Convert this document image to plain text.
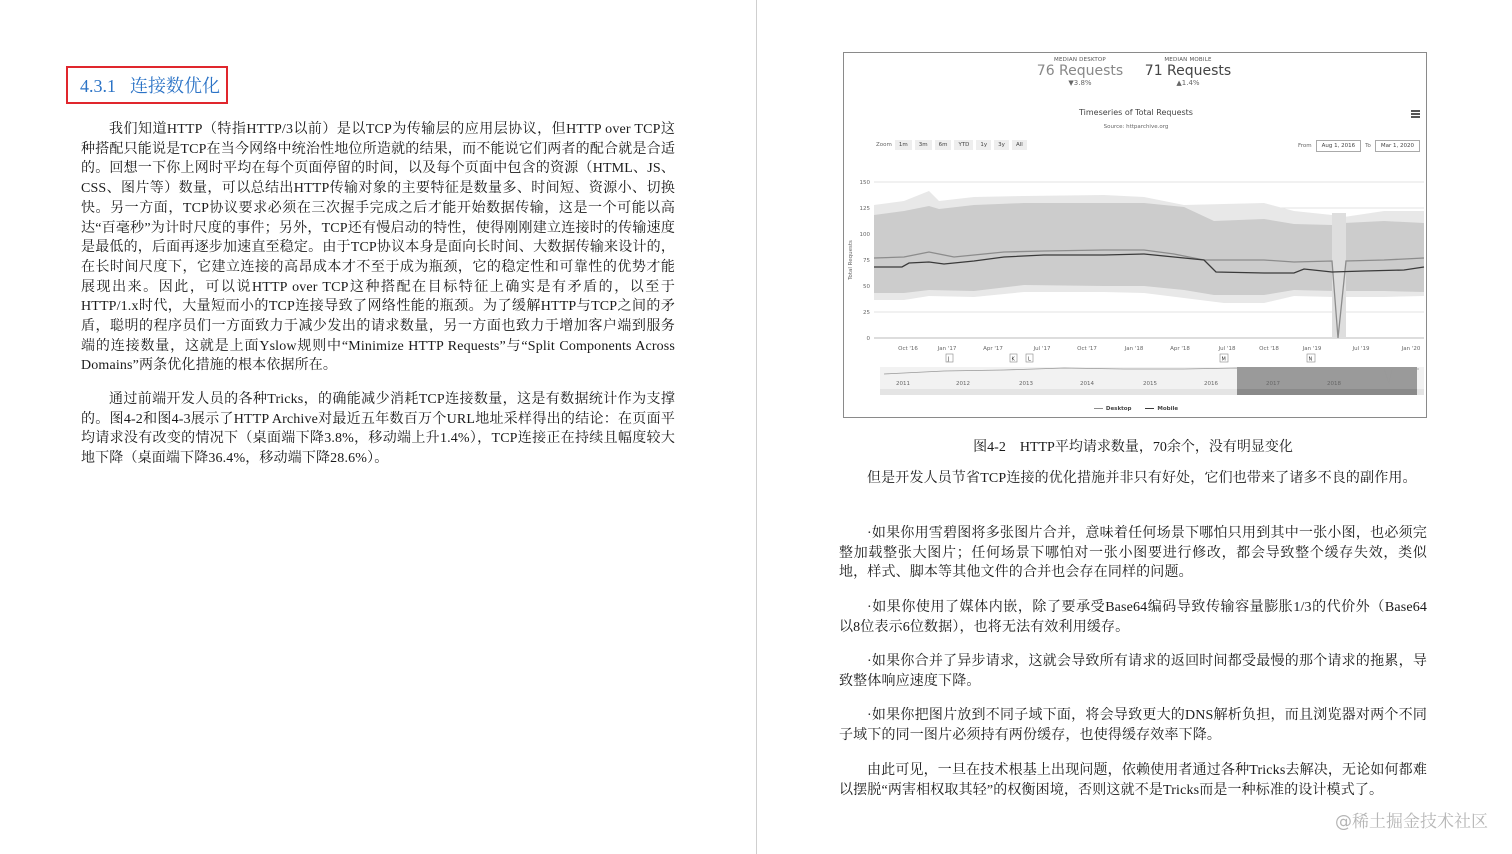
4.3.1 连接数优化

我们知道HTTP（特指HTTP/3以前）是以TCP为传输层的应用层协议，但HTTP over TCP这种搭配只能说是TCP在当今网络中统治性地位所造就的结果，而不能说它们两者的配合就是合适的。回想一下你上网时平均在每个页面停留的时间，以及每个页面中包含的资源（HTML、JS、CSS、图片等）数量，可以总结出HTTP传输对象的主要特征是数量多、时间短、资源小、切换快。另一方面，TCP协议要求必须在三次握手完成之后才能开始数据传输，这是一个可能以高达“百毫秒”为计时尺度的事件；另外，TCP还有慢启动的特性，使得刚刚建立连接时的传输速度是最低的，后面再逐步加速直至稳定。由于TCP协议本身是面向长时间、大数据传输来设计的，在长时间尺度下，它建立连接的高昂成本才不至于成为瓶颈，它的稳定性和可靠性的优势才能展现出来。因此，可以说HTTP over TCP这种搭配在目标特征上确实是有矛盾的，以至于HTTP/1.x时代，大量短而小的TCP连接导致了网络性能的瓶颈。为了缓解HTTP与TCP之间的矛盾，聪明的程序员们一方面致力于减少发出的请求数量，另一方面也致力于增加客户端到服务端的连接数量，这就是上面Yslow规则中“Minimize HTTP Requests”与“Split Components Across Domains”两条优化措施的根本依据所在。

通过前端开发人员的各种Tricks，的确能减少消耗TCP连接数量，这是有数据统计作为支撑的。图4-2和图4-3展示了HTTP Archive对最近五年数百万个URL地址采样得出的结论：在页面平均请求没有改变的情况下（桌面端下降3.8%，移动端上升1.4%），TCP连接正在持续且幅度较大地下降（桌面端下降36.4%，移动端下降28.6%）。

MEDIAN DESKTOP
76 Requests
▼3.8%
MEDIAN MOBILE
71 Requests
▲1.4%
Timeseries of Total Requests
Source: httparchive.org
Zoom	1m	3m	6m	YTD	1y	3y	All	From	Aug 1, 2016	To	Mar 1, 2020
150
125
100
75
50
25
0
Total Requests
Oct '16	Jan '17	Apr '17	Jul '17	Oct '17	Jan '18	Apr '18	Jul '18	Oct '18	Jan '19	Jul '19	Jan '20
J	K	L	M	N
2011	2012	2013	2014	2015	2016	2017	2018
Desktop	Mobile
图4-2 HTTP平均请求数量，70余个，没有明显变化

但是开发人员节省TCP连接的优化措施并非只有好处，它们也带来了诸多不良的副作用。

·如果你用雪碧图将多张图片合并，意味着任何场景下哪怕只用到其中一张小图，也必须完整加载整张大图片；任何场景下哪怕对一张小图要进行修改，都会导致整个缓存失效，类似地，样式、脚本等其他文件的合并也会存在同样的问题。

·如果你使用了媒体内嵌，除了要承受Base64编码导致传输容量膨胀1/3的代价外（Base64以8位表示6位数据），也将无法有效利用缓存。

·如果你合并了异步请求，这就会导致所有请求的返回时间都受最慢的那个请求的拖累，导致整体响应速度下降。

·如果你把图片放到不同子域下面，将会导致更大的DNS解析负担，而且浏览器对两个不同子域下的同一图片必须持有两份缓存，也使得缓存效率下降。

由此可见，一旦在技术根基上出现问题，依赖使用者通过各种Tricks去解决，无论如何都难以摆脱“两害相权取其轻”的权衡困境，否则这就不是Tricks而是一种标准的设计模式了。

@稀土掘金技术社区
